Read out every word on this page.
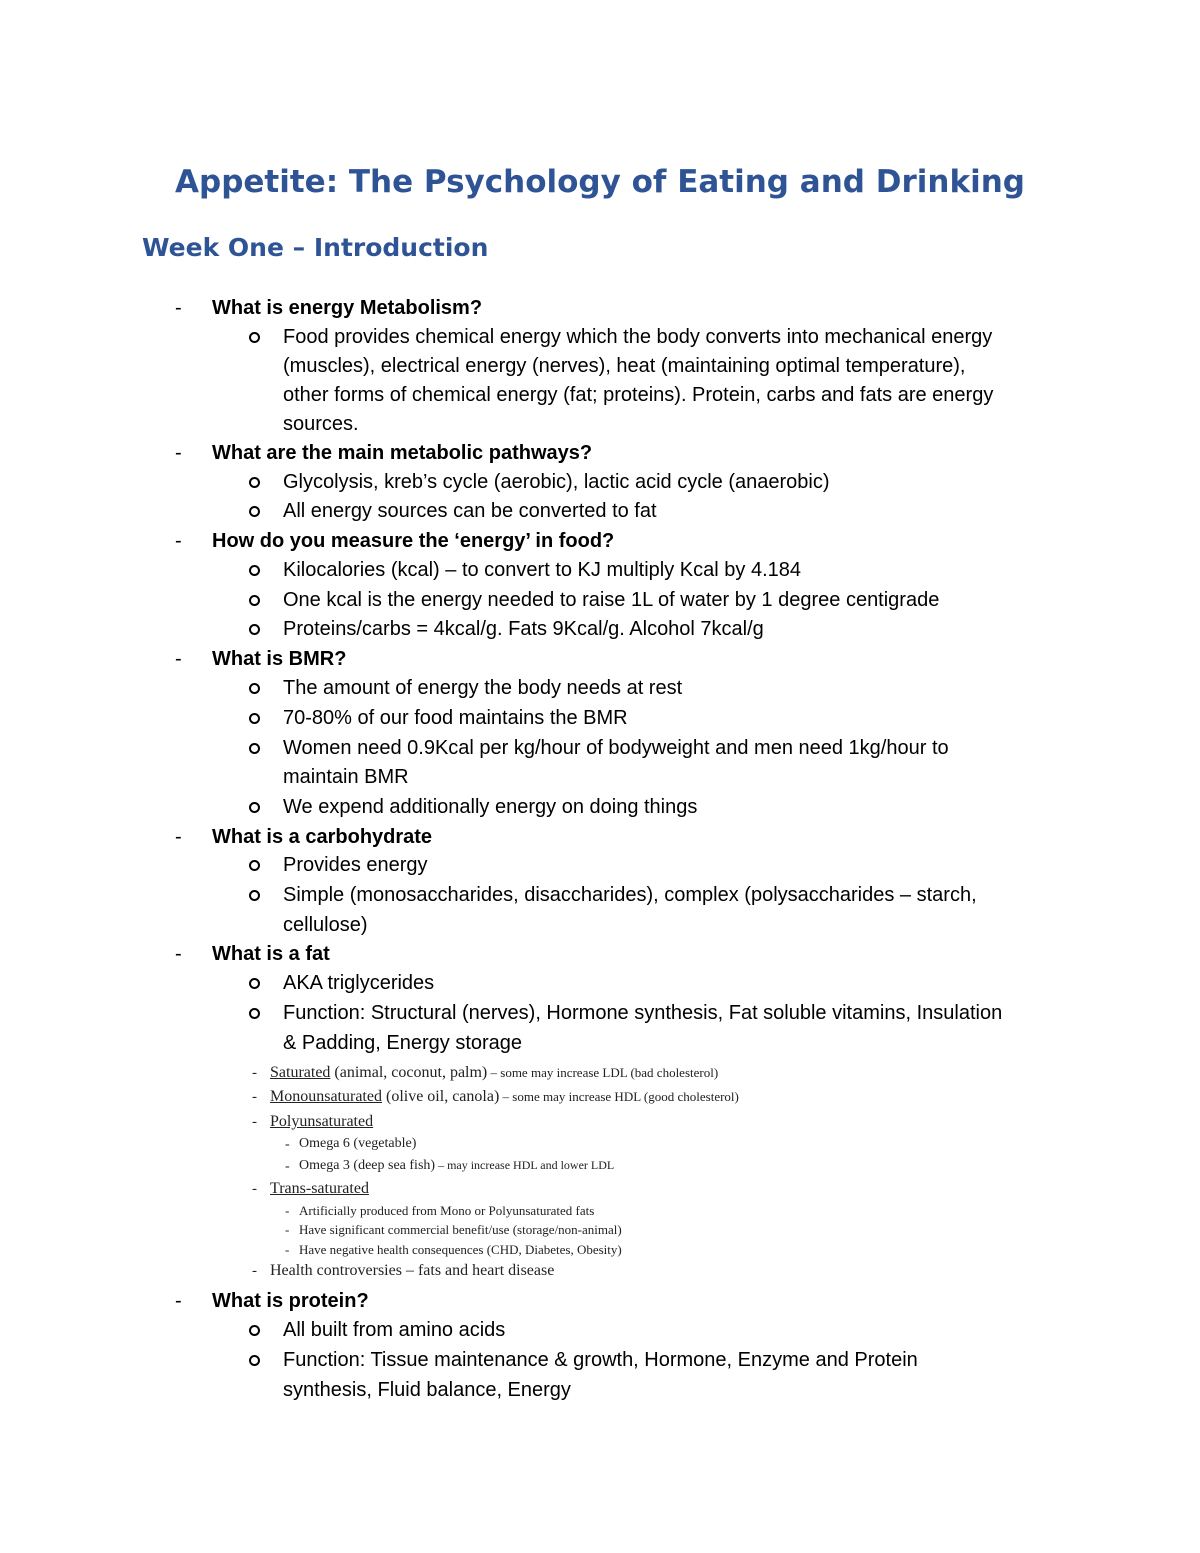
Appetite: The Psychology of Eating and Drinking
Week One – Introduction
- What is energy Metabolism?
Food provides chemical energy which the body converts into mechanical energy
(muscles), electrical energy (nerves), heat (maintaining optimal temperature),
other forms of chemical energy (fat; proteins). Protein, carbs and fats are energy
sources.
- What are the main metabolic pathways?
Glycolysis, kreb’s cycle (aerobic), lactic acid cycle (anaerobic)
All energy sources can be converted to fat
- How do you measure the ‘energy’ in food?
Kilocalories (kcal) – to convert to KJ multiply Kcal by 4.184
One kcal is the energy needed to raise 1L of water by 1 degree centigrade
Proteins/carbs = 4kcal/g. Fats 9Kcal/g. Alcohol 7kcal/g
- What is BMR?
The amount of energy the body needs at rest
70-80% of our food maintains the BMR
Women need 0.9Kcal per kg/hour of bodyweight and men need 1kg/hour to
maintain BMR
We expend additionally energy on doing things
- What is a carbohydrate
Provides energy
Simple (monosaccharides, disaccharides), complex (polysaccharides – starch,
cellulose)
- What is a fat
AKA triglycerides
Function: Structural (nerves), Hormone synthesis, Fat soluble vitamins, Insulation
& Padding, Energy storage
- Saturated (animal, coconut, palm) – some may increase LDL (bad cholesterol)
- Monounsaturated (olive oil, canola) – some may increase HDL (good cholesterol)
- Polyunsaturated
- Omega 6 (vegetable)
- Omega 3 (deep sea fish) – may increase HDL and lower LDL
- Trans-saturated
- Artificially produced from Mono or Polyunsaturated fats
- Have significant commercial benefit/use (storage/non-animal)
- Have negative health consequences (CHD, Diabetes, Obesity)
- Health controversies – fats and heart disease
- What is protein?
All built from amino acids
Function: Tissue maintenance & growth, Hormone, Enzyme and Protein
synthesis, Fluid balance, Energy
